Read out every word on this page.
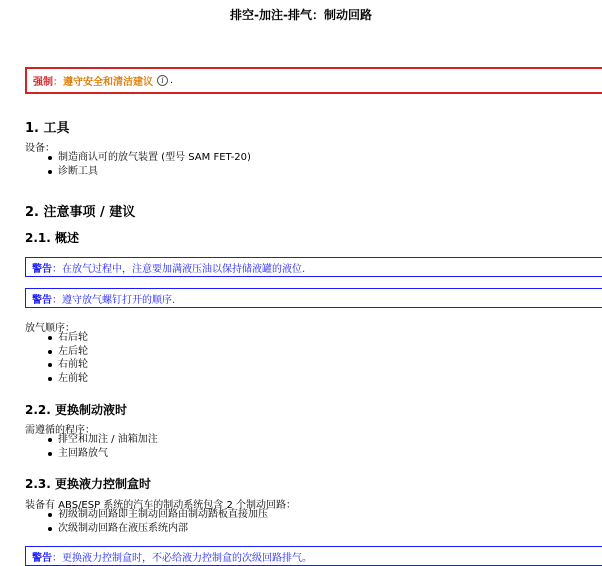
排空-加注-排气：制动回路
强制 ： 遵守安全和清洁建议	i .
1. 工具
设备：
制造商认可的放气装置 (型号 SAM FET-20)
诊断工具
2. 注意事项 / 建议
2.1. 概述
警告 ： 在放气过程中，注意要加满液压油以保持储液罐的液位.
警告 ： 遵守放气螺钉打开的顺序.
放气顺序：
右后轮
左后轮
右前轮
左前轮
2.2. 更换制动液时
需遵循的程序：
排空和加注 / 油箱加注
主回路放气
2.3. 更换液力控制盒时
装备有 ABS/ESP 系统的汽车的制动系统包含 2 个制动回路：
初级制动回路即主制动回路由制动踏板直接加压
次级制动回路在液压系统内部
警告 ： 更换液力控制盒时，不必给液力控制盒的次级回路排气。
